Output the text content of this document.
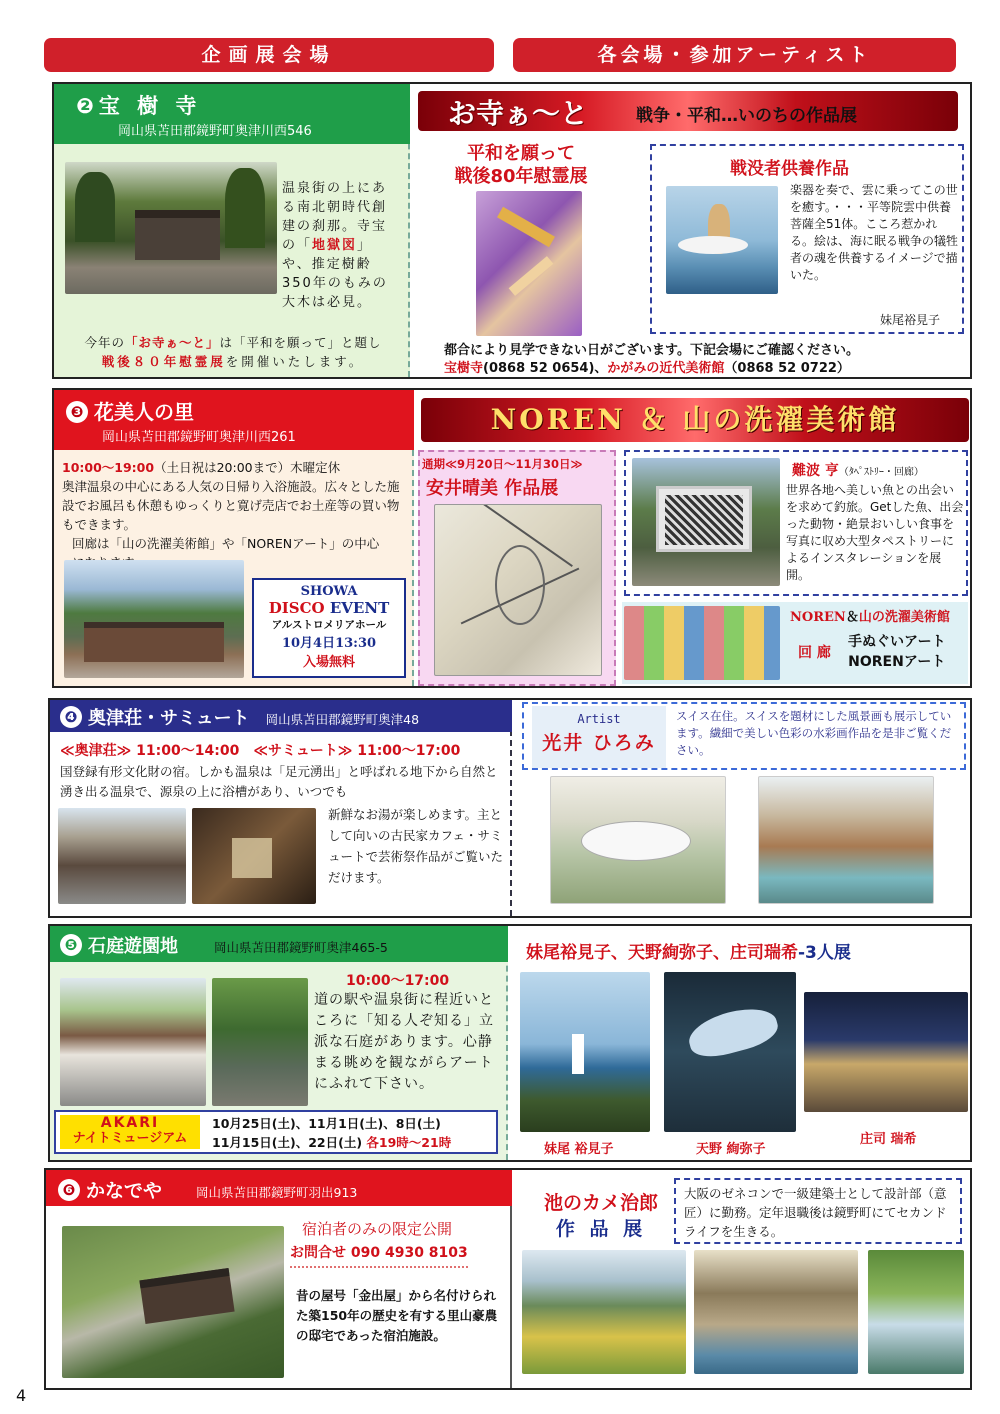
企画展会場	各会場・参加アーティスト
❷宝 樹 寺
岡山県苫田郡鏡野町奥津川西546
温泉街の上にある南北朝時代創建の刹那。寺宝の「地獄図」や、推定樹齢350年のもみの大木は必見。
今年の「お寺ぁ〜と」は「平和を願って」と題し
戦後８０年慰霊展を開催いたします。
お寺ぁ〜と	戦争・平和…いのちの作品展
平和を願って
戦後80年慰霊展	戦没者供養作品
楽器を奏で、雲に乗ってこの世を癒す。・・・平等院雲中供養菩薩全51体。こころ惹かれる。絵は、海に眠る戦争の犠牲者の魂を供養するイメージで描いた。
妹尾裕見子
都合により見学できない日がございます。下記会場にご確認ください。
宝樹寺(0868 52 0654)、かがみの近代美術館（0868 52 0722）
❸ 花美人の里
岡山県苫田郡鏡野町奥津川西261
10:00～19:00（土日祝は20:00まで）木曜定休
奥津温泉の中心にある人気の日帰り入浴施設。広々とした施設でお風呂も休憩もゆっくりと寛げ売店でお土産等の買い物もできます。
回廊は「山の洗濯美術館」や「NORENアート」の中心
SHOWA
DISCO EVENT
アルストロメリアホール
10月4日13:30
入場無料
NOREN ＆ 山の洗濯美術館
通期≪9月20日～11月30日≫
安井晴美 作品展
難波 亨（ﾀﾍﾟｽﾄﾘｰ・回廊）
世界各地へ美しい魚との出会いを求めて釣旅。Getした魚、出会った動物・絶景おいしい食事を写真に収め大型タペストリーによるインスタレーションを展開。
NOREN＆山の洗濯美術館
回 廊
手ぬぐいアート
NORENアート
❹ 奥津荘・サミュート 岡山県苫田郡鏡野町奥津48
≪奥津荘≫ 11:00～14:00　≪サミュート≫ 11:00～17:00
国登録有形文化財の宿。しかも温泉は「足元湧出」と呼ばれる地下から自然と湧き出る温泉で、源泉の上に浴槽があり、いつでも
新鮮なお湯が楽しめます。主として向いの古民家カフェ・サミュートで芸術祭作品がご覧いただけます。
Artist
光井 ひろみ
スイス在住。スイスを題材にした風景画も展示しています。繊細で美しい色彩の水彩画作品を是非ご覧ください。
❺ 石庭遊園地	岡山県苫田郡鏡野町奥津465-5
10:00～17:00
道の駅や温泉街に程近いところに「知る人ぞ知る」立派な石庭があります。心静まる眺めを観ながらアートにふれて下さい。
AKARI
ナイトミュージアム
10月25日(土)、11月1日(土)、8日(土)
11月15日(土)、22日(土) 各19時～21時
妹尾裕見子、天野絢弥子、庄司瑞希-3人展
妹尾 裕見子	天野 絢弥子
庄司 瑞希
❻ かなでや	岡山県苫田郡鏡野町羽出913
宿泊者のみの限定公開
お問合せ 090 4930 8103
昔の屋号「金出屋」から名付けられた築150年の歴史を有する里山豪農の邸宅であった宿泊施設。
池のカメ治郎
作 品 展
大阪のゼネコンで一級建築士として設計部（意匠）に勤務。定年退職後は鏡野町にてセカンドライフを生きる。
4
